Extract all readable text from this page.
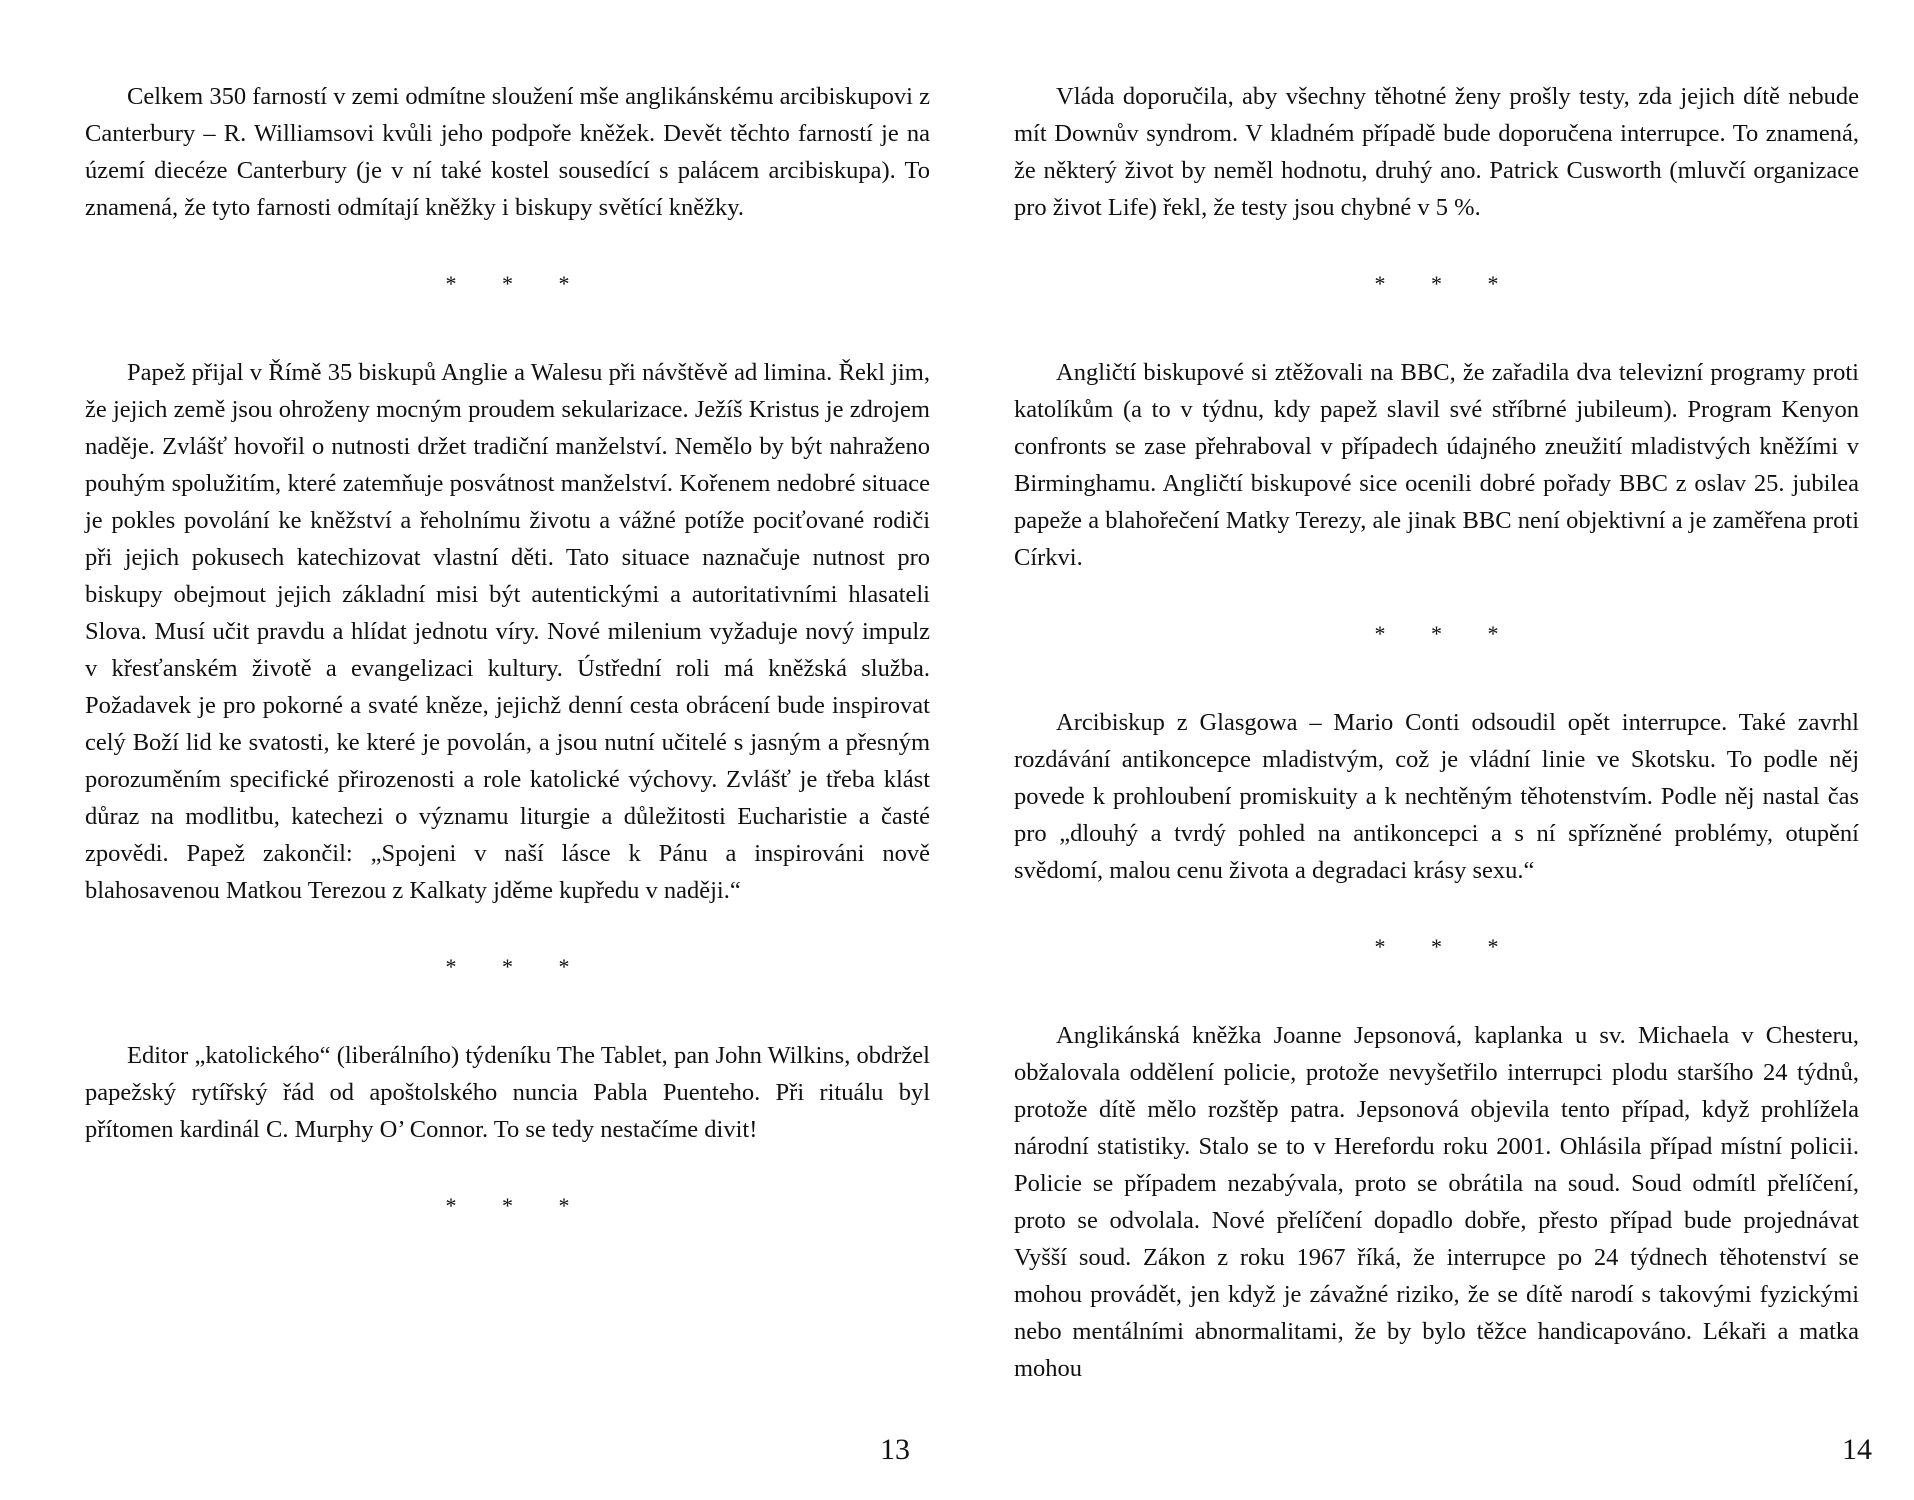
Celkem 350 farností v zemi odmítne sloužení mše anglikánskému arcibiskupovi z Canterbury – R. Williamsovi kvůli jeho podpoře kněžek. Devět těchto farností je na území diecéze Canterbury (je v ní také kostel sousedící s palácem arcibiskupa). To znamená, že tyto farnosti odmítají kněžky i biskupy světící kněžky.

* * *

Papež přijal v Římě 35 biskupů Anglie a Walesu při návštěvě ad limina. Řekl jim, že jejich země jsou ohroženy mocným proudem sekularizace. Ježíš Kristus je zdrojem naděje. Zvlášť hovořil o nutnosti držet tradiční manželství. Nemělo by být nahraženo pouhým spolužitím, které zatemňuje posvátnost manželství. Kořenem nedobré situace je pokles povolání ke kněžství a řeholnímu životu a vážné potíže pociťované rodiči při jejich pokusech katechizovat vlastní děti. Tato situace naznačuje nutnost pro biskupy obejmout jejich základní misi být autentickými a autoritativními hlasateli Slova. Musí učit pravdu a hlídat jednotu víry. Nové milenium vyžaduje nový impulz v křesťanském životě a evangelizaci kultury. Ústřední roli má kněžská služba. Požadavek je pro pokorné a svaté kněze, jejichž denní cesta obrácení bude inspirovat celý Boží lid ke svatosti, ke které je povolán, a jsou nutní učitelé s jasným a přesným porozuměním specifické přirozenosti a role katolické výchovy. Zvlášť je třeba klást důraz na modlitbu, katechezi o významu liturgie a důležitosti Eucharistie a časté zpovědi. Papež zakončil: „Spojeni v naší lásce k Pánu a inspirováni nově blahosavenou Matkou Terezou z Kalkaty jděme kupředu v naději.“

* * *

Editor „katolického“ (liberálního) týdeníku The Tablet, pan John Wilkins, obdržel papežský rytířský řád od apoštolského nuncia Pabla Puenteho. Při rituálu byl přítomen kardinál C. Murphy O’ Connor. To se tedy nestačíme divit!

* * *
13

Vláda doporučila, aby všechny těhotné ženy prošly testy, zda jejich dítě nebude mít Downův syndrom. V kladném případě bude doporučena interrupce. To znamená, že některý život by neměl hodnotu, druhý ano. Patrick Cusworth (mluvčí organizace pro život Life) řekl, že testy jsou chybné v 5 %.

* * *

Angličtí biskupové si ztěžovali na BBC, že zařadila dva televizní programy proti katolíkům (a to v týdnu, kdy papež slavil své stříbrné jubileum). Program Kenyon confronts se zase přehraboval v případech údajného zneužití mladistvých kněžími v Birminghamu. Angličtí biskupové sice ocenili dobré pořady BBC z oslav 25. jubilea papeže a blahořečení Matky Terezy, ale jinak BBC není objektivní a je zaměřena proti Církvi.

* * *

Arcibiskup z Glasgowa – Mario Conti odsoudil opět interrupce. Také zavrhl rozdávání antikoncepce mladistvým, což je vládní linie ve Skotsku. To podle něj povede k prohloubení promiskuity a k nechtěným těhotenstvím. Podle něj nastal čas pro „dlouhý a tvrdý pohled na antikoncepci a s ní spřízněné problémy, otupění svědomí, malou cenu života a degradaci krásy sexu.“

* * *

Anglikánská kněžka Joanne Jepsonová, kaplanka u sv. Michaela v Chesteru, obžalovala oddělení policie, protože nevyšetřilo interrupci plodu staršího 24 týdnů, protože dítě mělo rozštěp patra. Jepsonová objevila tento případ, když prohlížela národní statistiky. Stalo se to v Herefordu roku 2001. Ohlásila případ místní policii. Policie se případem nezabývala, proto se obrátila na soud. Soud odmítl přelíčení, proto se odvolala. Nové přelíčení dopadlo dobře, přesto případ bude projednávat Vyšší soud. Zákon z roku 1967 říká, že interrupce po 24 týdnech těhotenství se mohou provádět, jen když je závažné riziko, že se dítě narodí s takovými fyzickými nebo mentálními abnormalitami, že by bylo těžce handicapováno. Lékaři a matka mohou

14
